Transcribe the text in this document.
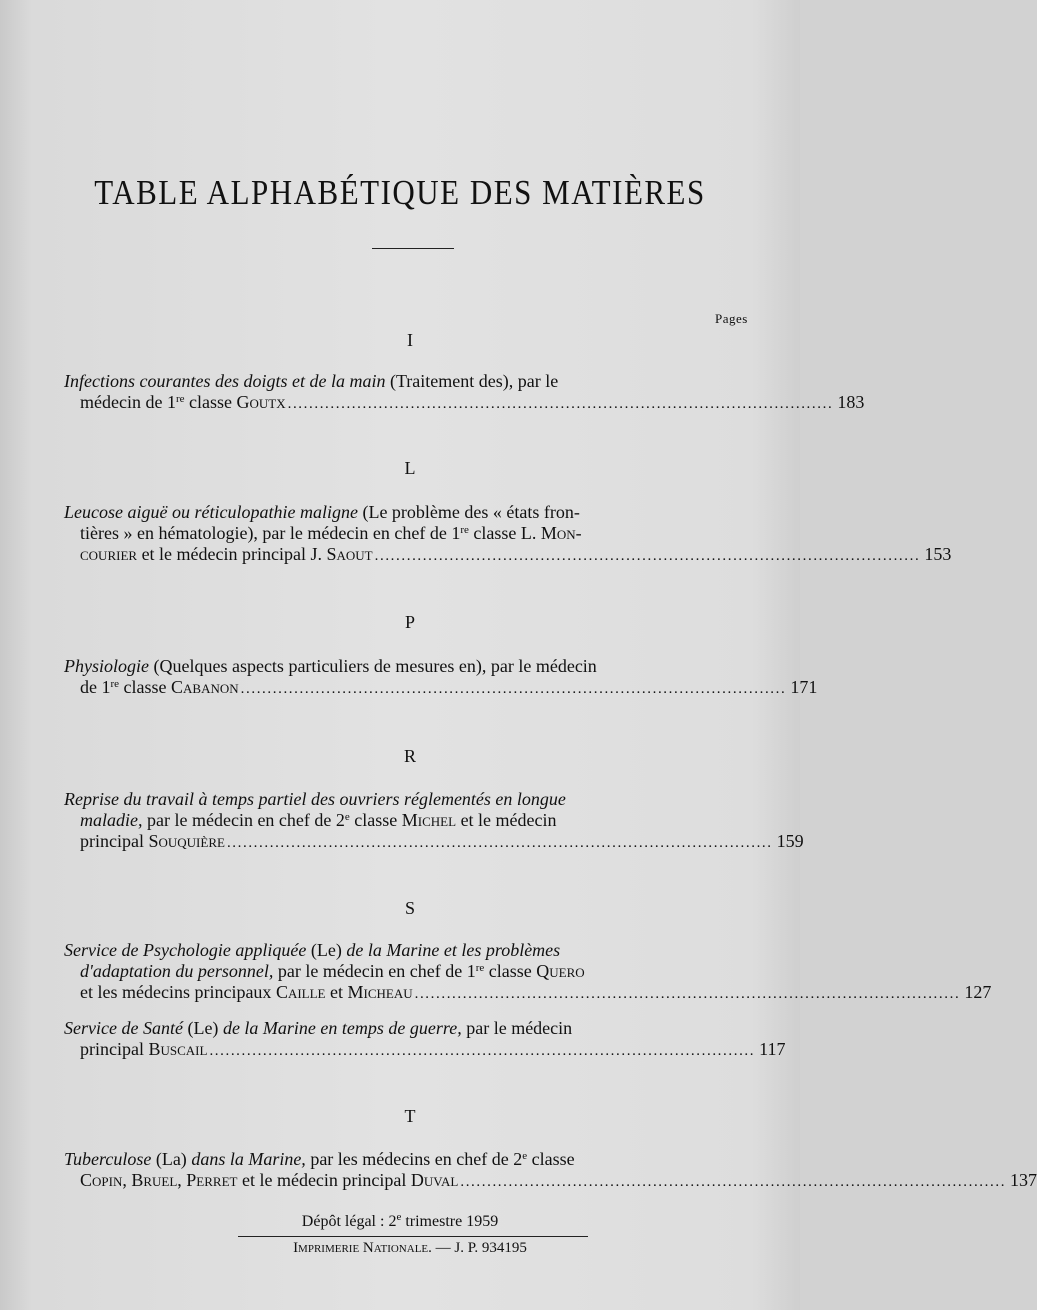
TABLE ALPHABÉTIQUE DES MATIÈRES
Pages
I
Infections courantes des doigts et de la main (Traitement des), par le
médecin de 1re classe Goutx ...................................................................................................... 183
L
Leucose aiguë ou réticulopathie maligne (Le problème des « états fron-
tières » en hématologie), par le médecin en chef de 1re classe L. Mon-
courier et le médecin principal J. Saout ...................................................................................................... 153
P
Physiologie (Quelques aspects particuliers de mesures en), par le médecin
de 1re classe Cabanon ...................................................................................................... 171
R
Reprise du travail à temps partiel des ouvriers réglementés en longue
maladie, par le médecin en chef de 2e classe Michel et le médecin
principal Souquière ...................................................................................................... 159
S
Service de Psychologie appliquée (Le) de la Marine et les problèmes
d'adaptation du personnel, par le médecin en chef de 1re classe Quero
et les médecins principaux Caille et Micheau ...................................................................................................... 127
Service de Santé (Le) de la Marine en temps de guerre, par le médecin
principal Buscail ...................................................................................................... 117
T
Tuberculose (La) dans la Marine, par les médecins en chef de 2e classe
Copin, Bruel, Perret et le médecin principal Duval ...................................................................................................... 137
Dépôt légal : 2e trimestre 1959
Imprimerie Nationale. — J. P. 934195
